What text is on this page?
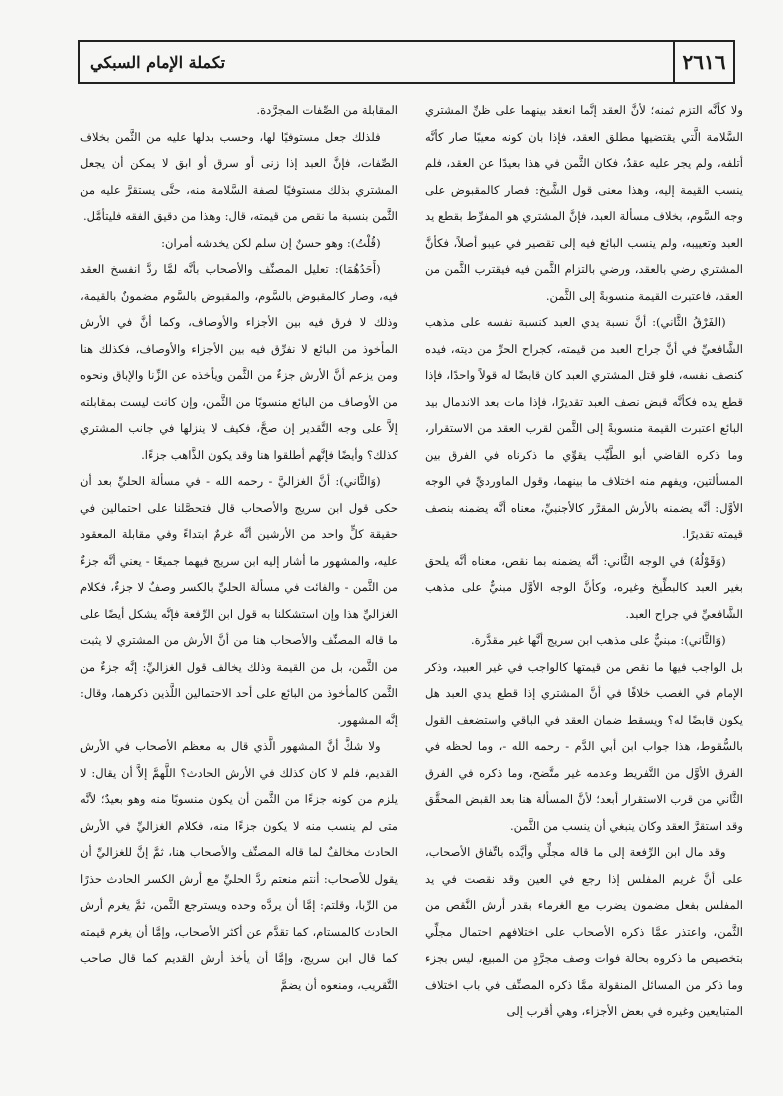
٢٦١٦
تكملة الإمام السبكي

ولا كأنَّه التزم ثمنه؛ لأنَّ العقد إنَّما انعقد بينهما على ظنِّ المشتري السَّلامة الَّتي يقتضيها مطلق العقد، فإذا بان كونه معيبًا صار كأنَّه أتلفه، ولم يجر عليه عقدٌ، فكان الثَّمن في هذا بعيدًا عن العقد، فلم ينسب القيمة إليه، وهذا معنى قول الشَّيخ: فصار كالمقبوض على وجه السَّوم، بخلاف مسألة العبد، فإنَّ المشتري هو المفرِّط بقطع يد العبد وتعييبه، ولم ينسب البائع فيه إلى تقصير في عيبو أصلاً، فكأنَّ المشتري رضي بالعقد، ورضي بالتزام الثَّمن فيه فيقترب الثَّمن من العقد، فاعتبرت القيمة منسوبةً إلى الثَّمن.

(الفَرْقُ الثَّاني): أنَّ نسبة يدي العبد كنسبة نفسه على مذهب الشَّافعيِّ في أنَّ جراح العبد من قيمته، كجراح الحرِّ من ديته، فيده كنصف نفسه، فلو قتل المشتري العبد كان قابضًا له قولاً واحدًا، فإذا قطع يده فكأنَّه قبض نصف العبد تقديرًا، فإذا مات بعد الاندمال بيد البائع اعتبرت القيمة منسوبةً إلى الثَّمن لقرب العقد من الاستقرار، وما ذكره القاضي أبو الطَّيِّب يقوِّي ما ذكرناه في الفرق بين المسألتين، ويفهم منه اختلاف ما بينهما، وقول الماورديِّ في الوجه الأوَّل: أنَّه يضمنه بالأرش المقرَّر كالأجنبيِّ، معناه أنَّه يضمنه بنصف قيمته تقديرًا.

(وَقَوْلُهُ) في الوجه الثَّاني: أنَّه يضمنه بما نقص، معناه أنَّه يلحق بغير العبد كالبطِّيخ وغيره، وكأنَّ الوجه الأوَّل مبنيٌّ على مذهب الشَّافعيِّ في جراح العبد.

(وَالثَّاني): مبنيٌّ على مذهب ابن سريج أنَّها غير مقدَّرة.

بل الواجب فيها ما نقص من قيمتها كالواجب في غير العبيد، وذكر الإمام في الغصب خلافًا في أنَّ المشتري إذا قطع يدي العبد هل يكون قابضًا له؟ ويسقط ضمان العقد في الباقي واستضعف القول بالسُّقوط، هذا جواب ابن أبي الدَّم - رحمه الله -، وما لحظه في الفرق الأوَّل من التَّفريط وعدمه غير متَّضح، وما ذكره في الفرق الثَّاني من قرب الاستقرار أبعد؛ لأنَّ المسألة هنا بعد القبض المحقَّق وقد استقرَّ العقد وكان ينبغي أن ينسب من الثَّمن.

وقد مال ابن الرِّفعة إلى ما قاله مجلِّي وأيَّده باتِّفاق الأصحاب، على أنَّ غريم المفلس إذا رجع في العين وقد نقصت في يد المفلس بفعل مضمون يضرب مع الغرماء بقدر أرش النَّقص من الثَّمن، واعتذر عمَّا ذكره الأصحاب على اختلافهم احتمال مجلِّي بتخصيص ما ذكروه بحالة فوات وصف مجرَّدٍ من المبيع، ليس بجزء وما ذكر من المسائل المنقولة ممَّا ذكره المصنِّف في باب اختلاف المتبايعين وغيره في بعض الأجزاء، وهي أقرب إلى

المقابلة من الصِّفات المجرَّدة.

فلذلك جعل مستوفيًا لها، وحسب بدلها عليه من الثَّمن بخلاف الصِّفات، فإنَّ العبد إذا زنى أو سرق أو ابق لا يمكن أن يجعل المشتري بذلك مستوفيًا لصفة السَّلامة منه، حتَّى يستقرَّ عليه من الثَّمن بنسبة ما نقص من قيمته، قال: وهذا من دقيق الفقه فليتأمَّل.

(قُلْتُ): وهو حسنٌ إن سلم لكن يخدشه أمران:

(أَحَدُهُمَا): تعليل المصنِّف والأصحاب بأنَّه لمَّا ردَّ انفسخ العقد فيه، وصار كالمقبوض بالسَّوم، والمقبوض بالسَّوم مضمونٌ بالقيمة، وذلك لا فرق فيه بين الأجزاء والأوصاف، وكما أنَّ في الأرش المأخوذ من البائع لا نفرِّق فيه بين الأجزاء والأوصاف، فكذلك هنا ومن يزعم أنَّ الأرش جزءٌ من الثَّمن ويأخذه عن الزِّنا والإباق ونحوه من الأوصاف من البائع منسوبًا من الثَّمن، وإن كانت ليست بمقابلته إلاَّ على وجه التَّقدير إن صحَّ، فكيف لا ينزلها في جانب المشتري كذلك؟ وأيضًا فإنَّهم أطلقوا هنا وقد يكون الذَّاهب جزءًا.

(وَالثَّاني): أنَّ الغزاليَّ - رحمه الله - في مسألة الحليِّ بعد أن حكى قول ابن سريج والأصحاب قال فتحصَّلنا على احتمالين في حقيقة كلٍّ واحد من الأرشين أنَّه غرمٌ ابتداءً وفي مقابلة المعقود عليه، والمشهور ما أشار إليه ابن سريج فيهما جميعًا - يعني أنَّه جزءٌ من الثَّمن - والفائت في مسألة الحليِّ بالكسر وصفٌ لا جزءٌ، فكلام الغزاليِّ هذا وإن استشكلنا به قول ابن الرِّفعة فإنَّه يشكل أيضًا على ما قاله المصنِّف والأصحاب هنا من أنَّ الأرش من المشتري لا يثبت من الثَّمن، بل من القيمة وذلك يخالف قول الغزاليِّ: إنَّه جزءٌ من الثَّمن كالمأخوذ من البائع على أحد الاحتمالين اللَّذين ذكرهما، وقال: إنَّه المشهور.

ولا شكَّ أنَّ المشهور الَّذي قال به معظم الأصحاب في الأرش القديم، فلم لا كان كذلك في الأرش الحادث؟ اللَّهمَّ إلاَّ أن يقال: لا يلزم من كونه جزءًا من الثَّمن أن يكون منسوبًا منه وهو بعيدٌ؛ لأنَّه متى لم ينسب منه لا يكون جزءًا منه، فكلام الغزاليِّ في الأرش الحادث مخالفٌ لما قاله المصنِّف والأصحاب هنا، ثمَّ إنَّ للغزاليِّ أن يقول للأصحاب: أنتم منعتم ردَّ الحليِّ مع أرش الكسر الحادث حذرًا من الرِّبا، وقلتم: إمَّا أن يردَّه وحده ويسترجع الثَّمن، ثمَّ يغرم أرش الحادث كالمستام، كما تقدَّم عن أكثر الأصحاب، وإمَّا أن يغرم قيمته كما قال ابن سريج، وإمَّا أن يأخذ أرش القديم كما قال صاحب التَّقريب، ومنعوه أن يضمَّ
